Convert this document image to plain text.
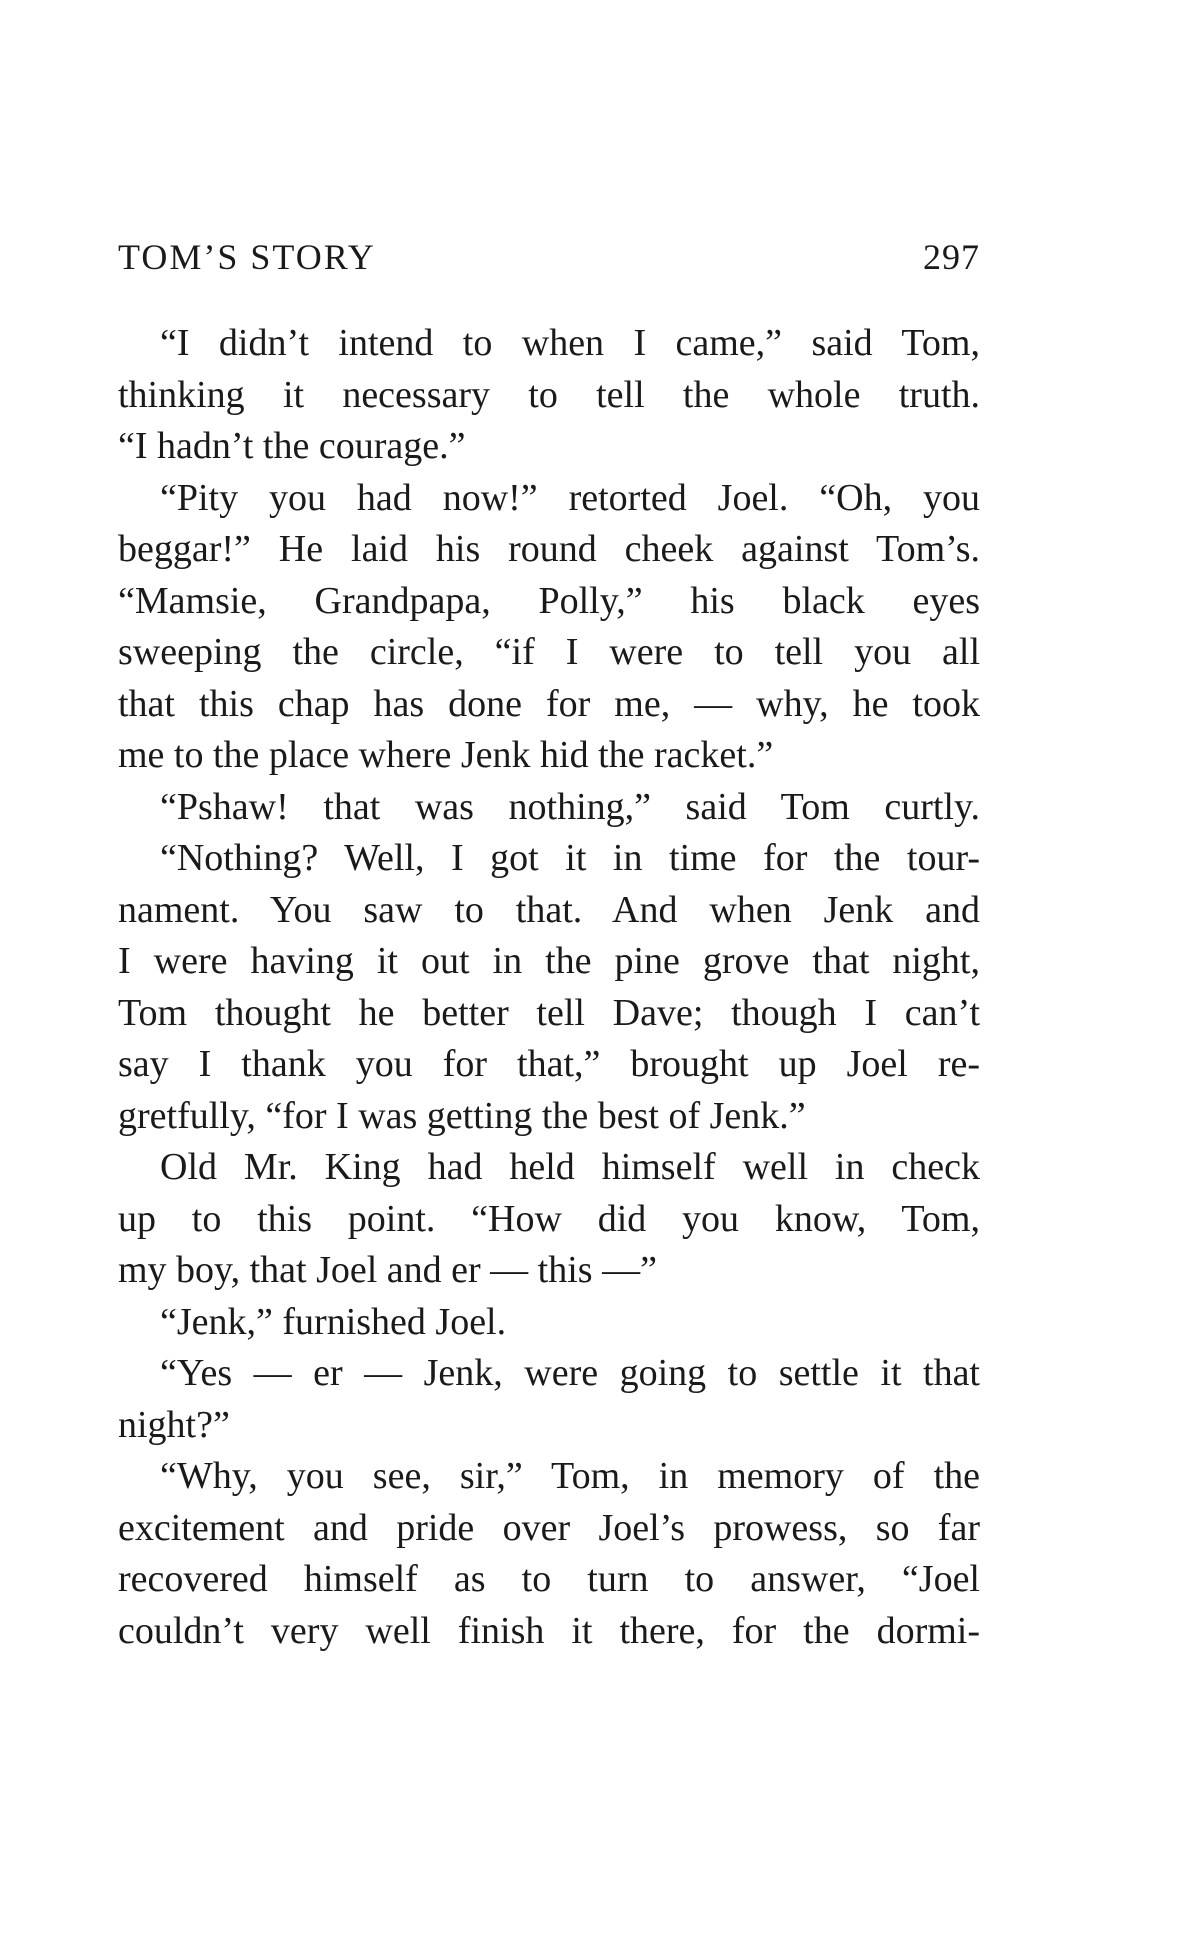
TOM’S STORY	297
“I didn’t intend to when I came,” said Tom,
thinking it necessary to tell the whole truth.
“I hadn’t the courage.”
“Pity you had now!” retorted Joel. “Oh, you
beggar!” He laid his round cheek against Tom’s.
“Mamsie, Grandpapa, Polly,” his black eyes
sweeping the circle, “if I were to tell you all
that this chap has done for me, — why, he took
me to the place where Jenk hid the racket.”
“Pshaw! that was nothing,” said Tom curtly.
“Nothing? Well, I got it in time for the tour-
nament. You saw to that. And when Jenk and
I were having it out in the pine grove that night,
Tom thought he better tell Dave; though I can’t
say I thank you for that,” brought up Joel re-
gretfully, “for I was getting the best of Jenk.”
Old Mr. King had held himself well in check
up to this point. “How did you know, Tom,
my boy, that Joel and er — this —”
“Jenk,” furnished Joel.
“Yes — er — Jenk, were going to settle it that
night?”
“Why, you see, sir,” Tom, in memory of the
excitement and pride over Joel’s prowess, so far
recovered himself as to turn to answer, “Joel
couldn’t very well finish it there, for the dormi-
